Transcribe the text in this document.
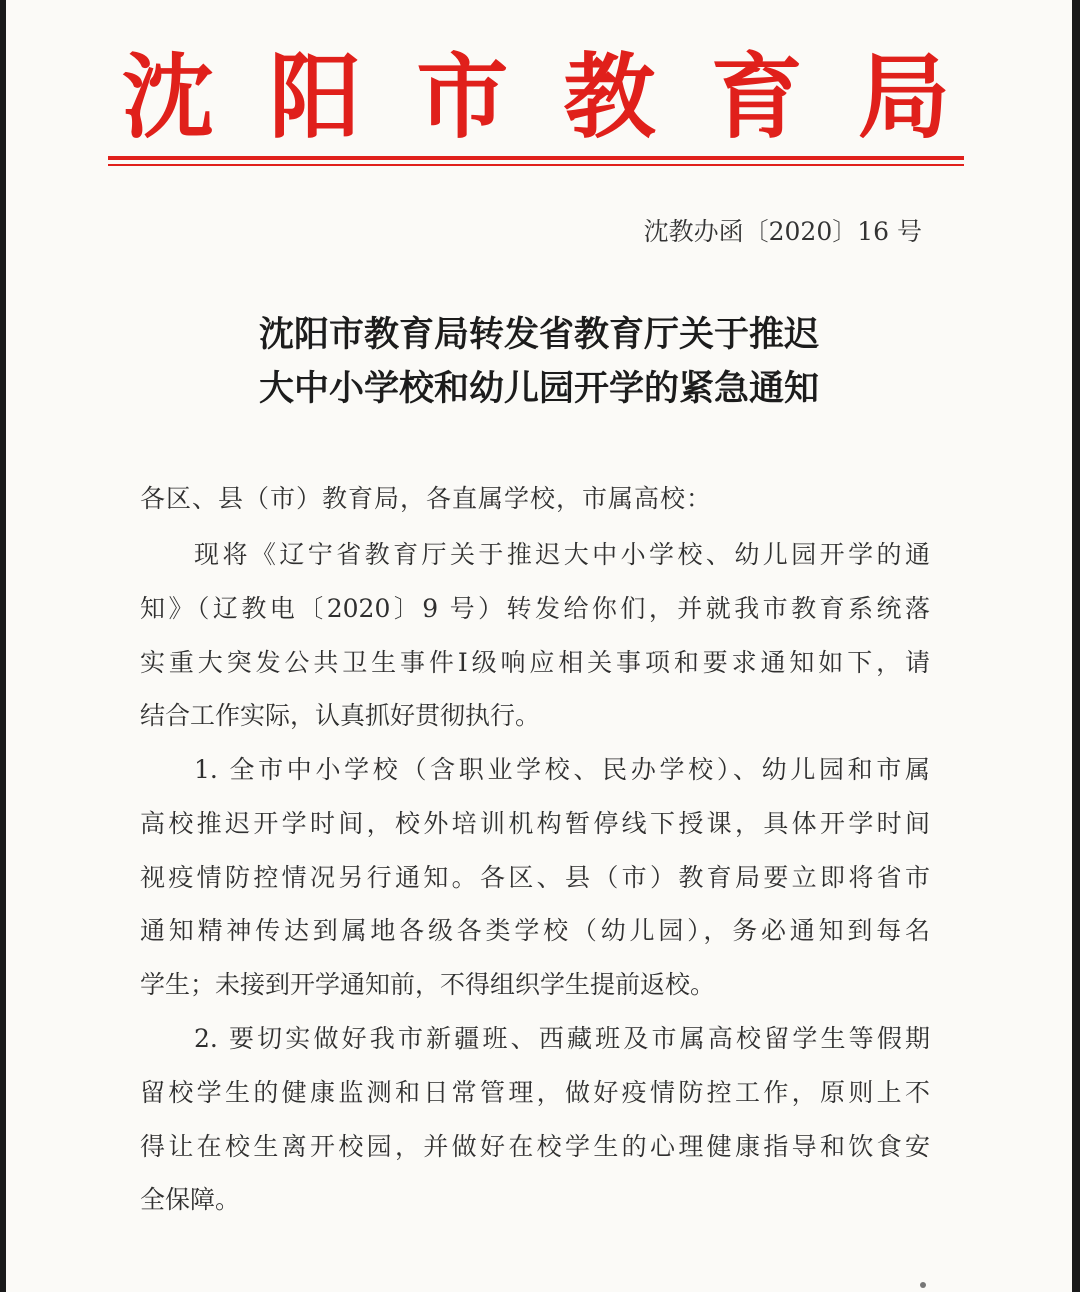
沈 阳 市 教 育 局
沈教办函〔2020〕16 号
沈阳市教育局转发省教育厅关于推迟
大中小学校和幼儿园开学的紧急通知
各区、县（市）教育局，各直属学校，市属高校：
现将《辽宁省教育厅关于推迟大中小学校、幼儿园开学的通
知》（辽教电〔2020〕9 号）转发给你们，并就我市教育系统落
实重大突发公共卫生事件Ⅰ级响应相关事项和要求通知如下，请
结合工作实际，认真抓好贯彻执行。
1. 全市中小学校（含职业学校、民办学校）、幼儿园和市属
高校推迟开学时间，校外培训机构暂停线下授课，具体开学时间
视疫情防控情况另行通知。各区、县（市）教育局要立即将省市
通知精神传达到属地各级各类学校（幼儿园），务必通知到每名
学生；未接到开学通知前，不得组织学生提前返校。
2. 要切实做好我市新疆班、西藏班及市属高校留学生等假期
留校学生的健康监测和日常管理，做好疫情防控工作，原则上不
得让在校生离开校园，并做好在校学生的心理健康指导和饮食安
全保障。
